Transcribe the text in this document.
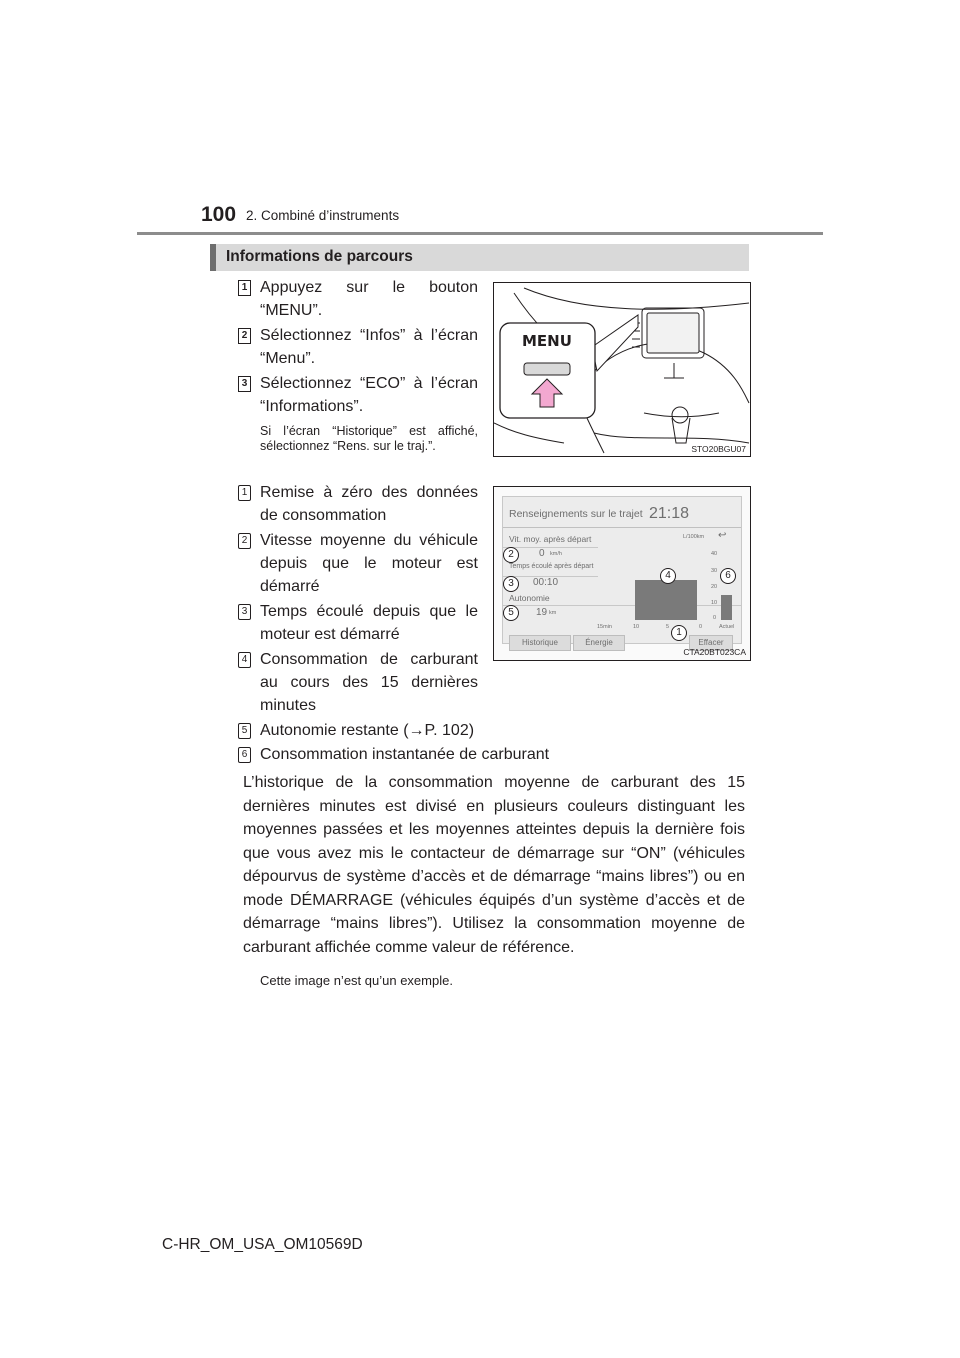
100 2. Combiné d’instruments
Informations de parcours
1 Appuyez sur le bouton “MENU”.
2 Sélectionnez “Infos” à l’écran “Menu”.
3 Sélectionnez “ECO” à l’écran “Informations”.
Si l’écran “Historique” est affiché, sélectionnez “Rens. sur le traj.”.
MENU
STO20BGU07
1 Remise à zéro des données de consommation
2 Vitesse moyenne du véhicule depuis que le moteur est démarré
3 Temps écoulé depuis que le moteur est démarré
4 Consommation de carburant au cours des 15 dernières minutes
5 Autonomie restante (→P. 102)
6 Consommation instantanée de carburant
Renseignements sur le trajet 21:18
L/100km ↩
Vit. moy. après départ
0 km/h
Temps écoulé après départ
00:10
Autonomie
19 km
40
30
20
10
0
15min	10	5	0	Actuel
Historique	Énergie	Effacer
2
3
5
4	6
1
CTA20BT023CA
L’historique de la consommation moyenne de carburant des 15 dernières minutes est divisé en plusieurs couleurs distinguant les moyennes passées et les moyennes atteintes depuis la dernière fois que vous avez mis le contacteur de démarrage sur “ON” (véhicules dépourvus de système d’accès et de démarrage “mains libres”) ou en mode DÉMARRAGE (véhicules équipés d’un système d’accès et de démarrage “mains libres”). Utilisez la consommation moyenne de carburant affichée comme valeur de référence.
Cette image n’est qu’un exemple.
C-HR_OM_USA_OM10569D
